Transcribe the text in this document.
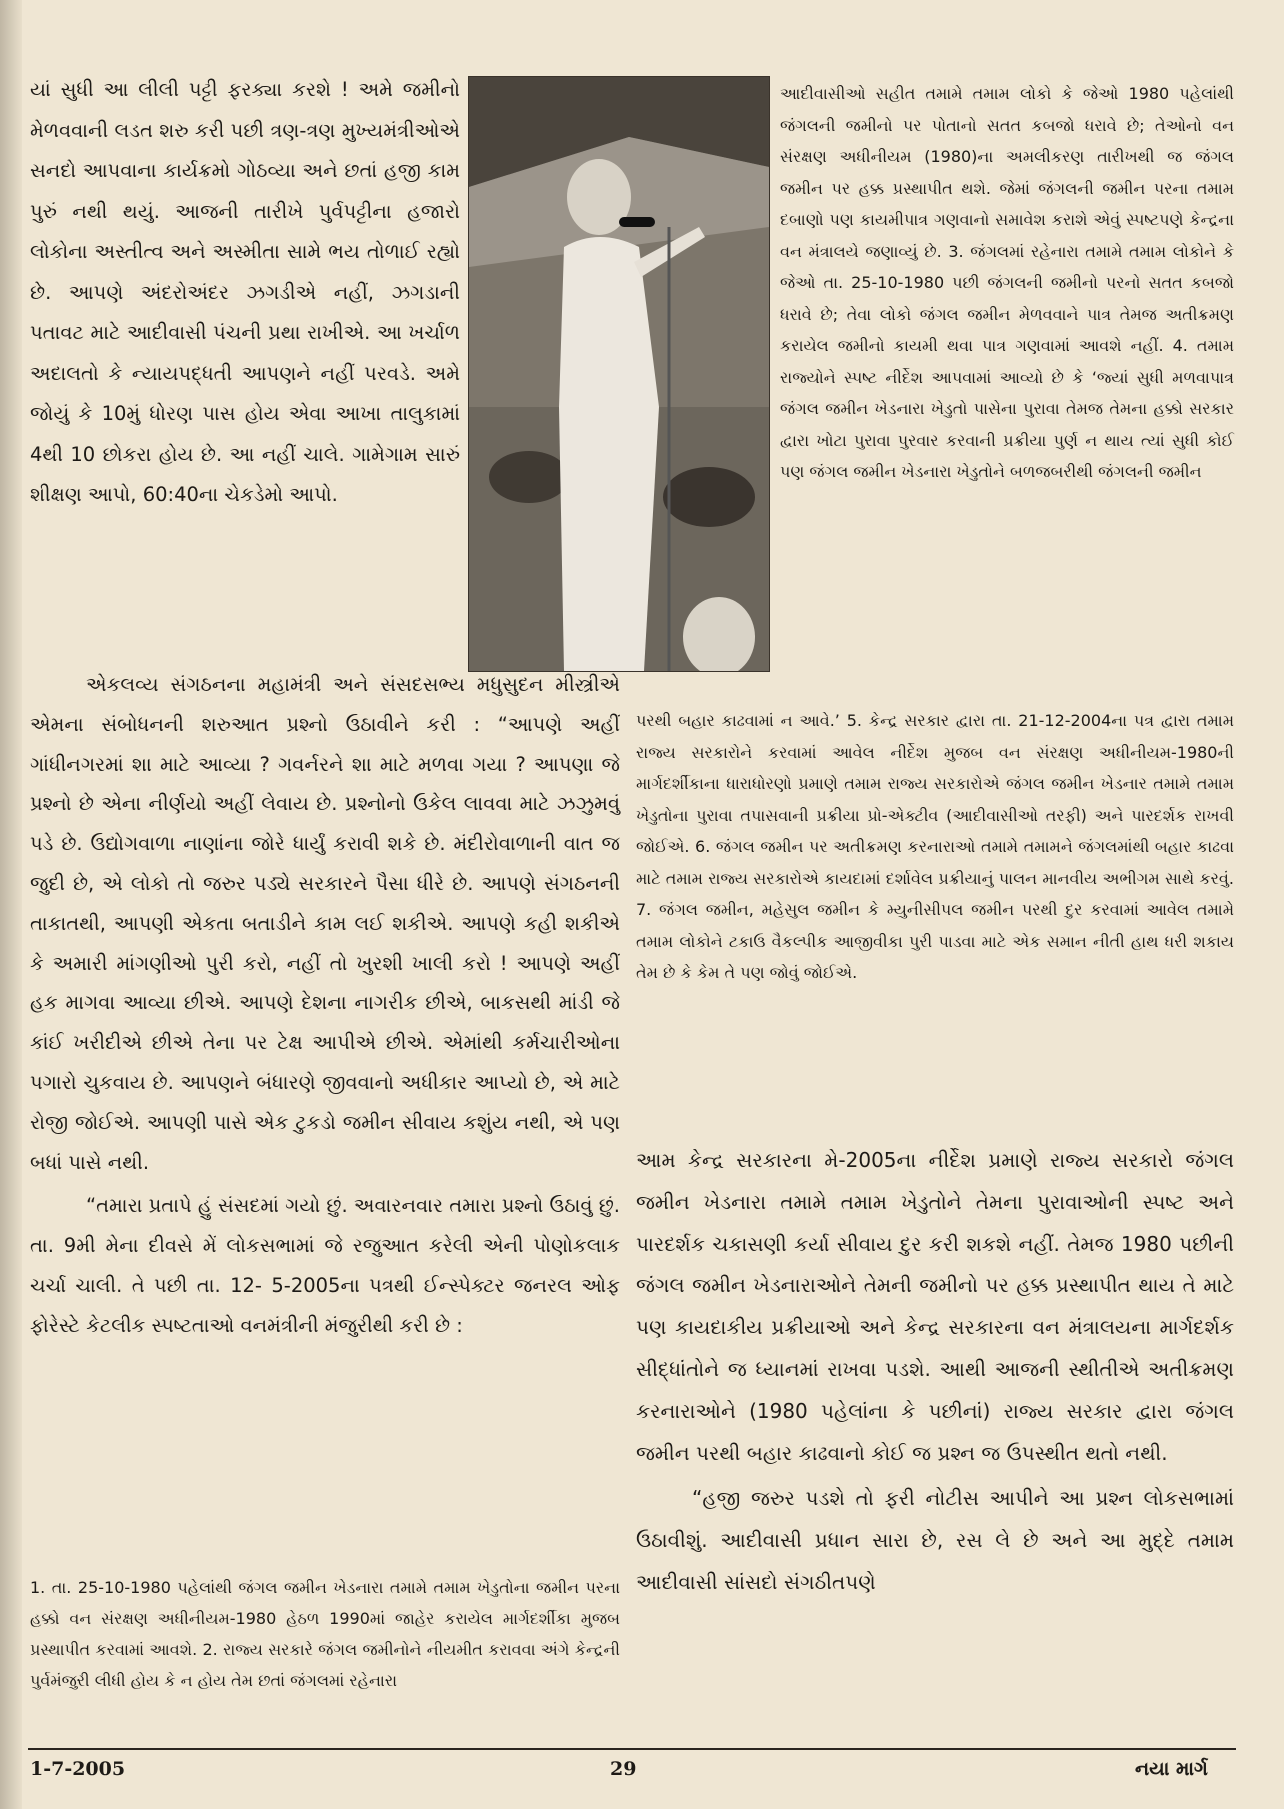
યાં સુધી આ લીલી પટ્ટી ફરક્યા કરશે ! અમે જમીનો મેળવવાની લડત શરુ કરી પછી ત્રણ-ત્રણ મુખ્યમંત્રીઓએ સનદો આપવાના કાર્યક્રમો ગોઠવ્યા અને છતાં હજી કામ પુરું નથી થયું. આજની તારીખે પુર્વપટ્ટીના હજારો લોકોના અસ્તીત્વ અને અસ્મીતા સામે ભય તોળાઈ રહ્યો છે. આપણે અંદરોઅંદર ઝગડીએ નહીં, ઝગડાની પતાવટ માટે આદીવાસી પંચની પ્રથા રાખીએ. આ ખર્ચાળ અદાલતો કે ન્યાયપદ્ધતી આપણને નહીં પરવડે. અમે જોયું કે 10મું ધોરણ પાસ હોય એવા આખા તાલુકામાં 4થી 10 છોકરા હોય છે. આ નહીં ચાલે. ગામેગામ સારું શીક્ષણ આપો, 60:40ના ચેકડેમો આપો.

એકલવ્ય સંગઠનના મહામંત્રી અને સંસદસભ્ય મધુસુદન મીસ્ત્રીએ એમના સંબોધનની શરુઆત પ્રશ્નો ઉઠાવીને કરી : “આપણે અહીં ગાંધીનગરમાં શા માટે આવ્યા ? ગવર્નરને શા માટે મળવા ગયા ? આપણા જે પ્રશ્નો છે એના નીર્ણયો અહીં લેવાય છે. પ્રશ્નોનો ઉકેલ લાવવા માટે ઝઝુમવું પડે છે. ઉદ્યોગવાળા નાણાંના જોરે ધાર્યું કરાવી શકે છે. મંદીરોવાળાની વાત જ જુદી છે, એ લોકો તો જરુર પડ્યે સરકારને પૈસા ધીરે છે. આપણે સંગઠનની તાકાતથી, આપણી એકતા બતાડીને કામ લઈ શકીએ. આપણે કહી શકીએ કે અમારી માંગણીઓ પુરી કરો, નહીં તો ખુરશી ખાલી કરો ! આપણે અહીં હક માગવા આવ્યા છીએ. આપણે દેશના નાગરીક છીએ, બાકસથી માંડી જે કાંઈ ખરીદીએ છીએ તેના પર ટેક્ષ આપીએ છીએ. એમાંથી કર્મચારીઓના પગારો ચુકવાય છે. આપણને બંધારણે જીવવાનો અધીકાર આપ્યો છે, એ માટે રોજી જોઈએ. આપણી પાસે એક ટુકડો જમીન સીવાય કશુંય નથી, એ પણ બધાં પાસે નથી.

“તમારા પ્રતાપે હું સંસદમાં ગયો છું. અવારનવાર તમારા પ્રશ્નો ઉઠાવું છું. તા. 9મી મેના દીવસે મેં લોકસભામાં જે રજુઆત કરેલી એની પોણોકલાક ચર્ચા ચાલી. તે પછી તા. 12- 5-2005ના પત્રથી ઈન્સ્પેક્ટર જનરલ ઓફ ફોરેસ્ટે કેટલીક સ્પષ્ટતાઓ વનમંત્રીની મંજુરીથી કરી છે :

1. તા. 25-10-1980 પહેલાંથી જંગલ જમીન ખેડનારા તમામે તમામ ખેડુતોના જમીન પરના હક્કો વન સંરક્ષણ અધીનીયમ-1980 હેઠળ 1990માં જાહેર કરાયેલ માર્ગદર્શીકા મુજબ પ્રસ્થાપીત કરવામાં આવશે. 2. રાજ્ય સરકારે જંગલ જમીનોને નીયમીત કરાવવા અંગે કેન્દ્રની પુર્વમંજુરી લીધી હોય કે ન હોય તેમ છતાં જંગલમાં રહેનારા

આદીવાસીઓ સહીત તમામે તમામ લોકો કે જેઓ 1980 પહેલાંથી જંગલની જમીનો પર પોતાનો સતત કબજો ધરાવે છે; તેઓનો વન સંરક્ષણ અધીનીયમ (1980)ના અમલીકરણ તારીખથી જ જંગલ જમીન પર હક્ક પ્રસ્થાપીત થશે. જેમાં જંગલની જમીન પરના તમામ દબાણો પણ કાયમીપાત્ર ગણવાનો સમાવેશ કરાશે એવું સ્પષ્ટપણે કેન્દ્રના વન મંત્રાલયે જણાવ્યું છે. 3. જંગલમાં રહેનારા તમામે તમામ લોકોને કે જેઓ તા. 25-10-1980 પછી જંગલની જમીનો પરનો સતત કબજો ધરાવે છે; તેવા લોકો જંગલ જમીન મેળવવાને પાત્ર તેમજ અતીક્રમણ કરાયેલ જમીનો કાયમી થવા પાત્ર ગણવામાં આવશે નહીં. 4. તમામ રાજ્યોને સ્પષ્ટ નીર્દેશ આપવામાં આવ્યો છે કે ‘જ્યાં સુધી મળવાપાત્ર જંગલ જમીન ખેડનારા ખેડુતો પાસેના પુરાવા તેમજ તેમના હક્કો સરકાર દ્વારા ખોટા પુરાવા પુરવાર કરવાની પ્રક્રીયા પુર્ણ ન થાય ત્યાં સુધી કોઈ પણ જંગલ જમીન ખેડનારા ખેડુતોને બળજબરીથી જંગલની જમીન

પરથી બહાર કાઢવામાં ન આવે.’ 5. કેન્દ્ર સરકાર દ્વારા તા. 21-12-2004ના પત્ર દ્વારા તમામ રાજ્ય સરકારોને કરવામાં આવેલ નીર્દેશ મુજબ વન સંરક્ષણ અધીનીયમ-1980ની માર્ગદર્શીકાના ધારાધોરણો પ્રમાણે તમામ રાજ્ય સરકારોએ જંગલ જમીન ખેડનાર તમામે તમામ ખેડુતોના પુરાવા તપાસવાની પ્રક્રીયા પ્રો-એક્ટીવ (આદીવાસીઓ તરફી) અને પારદર્શક રાખવી જોઈએ. 6. જંગલ જમીન પર અતીક્રમણ કરનારાઓ તમામે તમામને જંગલમાંથી બહાર કાઢવા માટે તમામ રાજ્ય સરકારોએ કાયદામાં દર્શાવેલ પ્રક્રીયાનું પાલન માનવીય અભીગમ સાથે કરવું. 7. જંગલ જમીન, મહેસુલ જમીન કે મ્યુનીસીપલ જમીન પરથી દુર કરવામાં આવેલ તમામે તમામ લોકોને ટકાઉ વૈકલ્પીક આજીવીકા પુરી પાડવા માટે એક સમાન નીતી હાથ ધરી શકાય તેમ છે કે કેમ તે પણ જોવું જોઈએ.

આમ કેન્દ્ર સરકારના મે-2005ના નીર્દેશ પ્રમાણે રાજ્ય સરકારો જંગલ જમીન ખેડનારા તમામે તમામ ખેડુતોને તેમના પુરાવાઓની સ્પષ્ટ અને પારદર્શક ચકાસણી કર્યા સીવાય દુર કરી શકશે નહીં. તેમજ 1980 પછીની જંગલ જમીન ખેડનારાઓને તેમની જમીનો પર હક્ક પ્રસ્થાપીત થાય તે માટે પણ કાયદાકીય પ્રક્રીયાઓ અને કેન્દ્ર સરકારના વન મંત્રાલયના માર્ગદર્શક સીદ્ધાંતોને જ ધ્યાનમાં રાખવા પડશે. આથી આજની સ્થીતીએ અતીક્રમણ કરનારાઓને (1980 પહેલાંના કે પછીનાં) રાજ્ય સરકાર દ્વારા જંગલ જમીન પરથી બહાર કાઢવાનો કોઈ જ પ્રશ્ન જ ઉપસ્થીત થતો નથી.

“હજી જરુર પડશે તો ફરી નોટીસ આપીને આ પ્રશ્ન લોકસભામાં ઉઠાવીશું. આદીવાસી પ્રધાન સારા છે, રસ લે છે અને આ મુદ્દે તમામ આદીવાસી સાંસદો સંગઠીતપણે

1-7-2005	29	નયા માર્ગ
